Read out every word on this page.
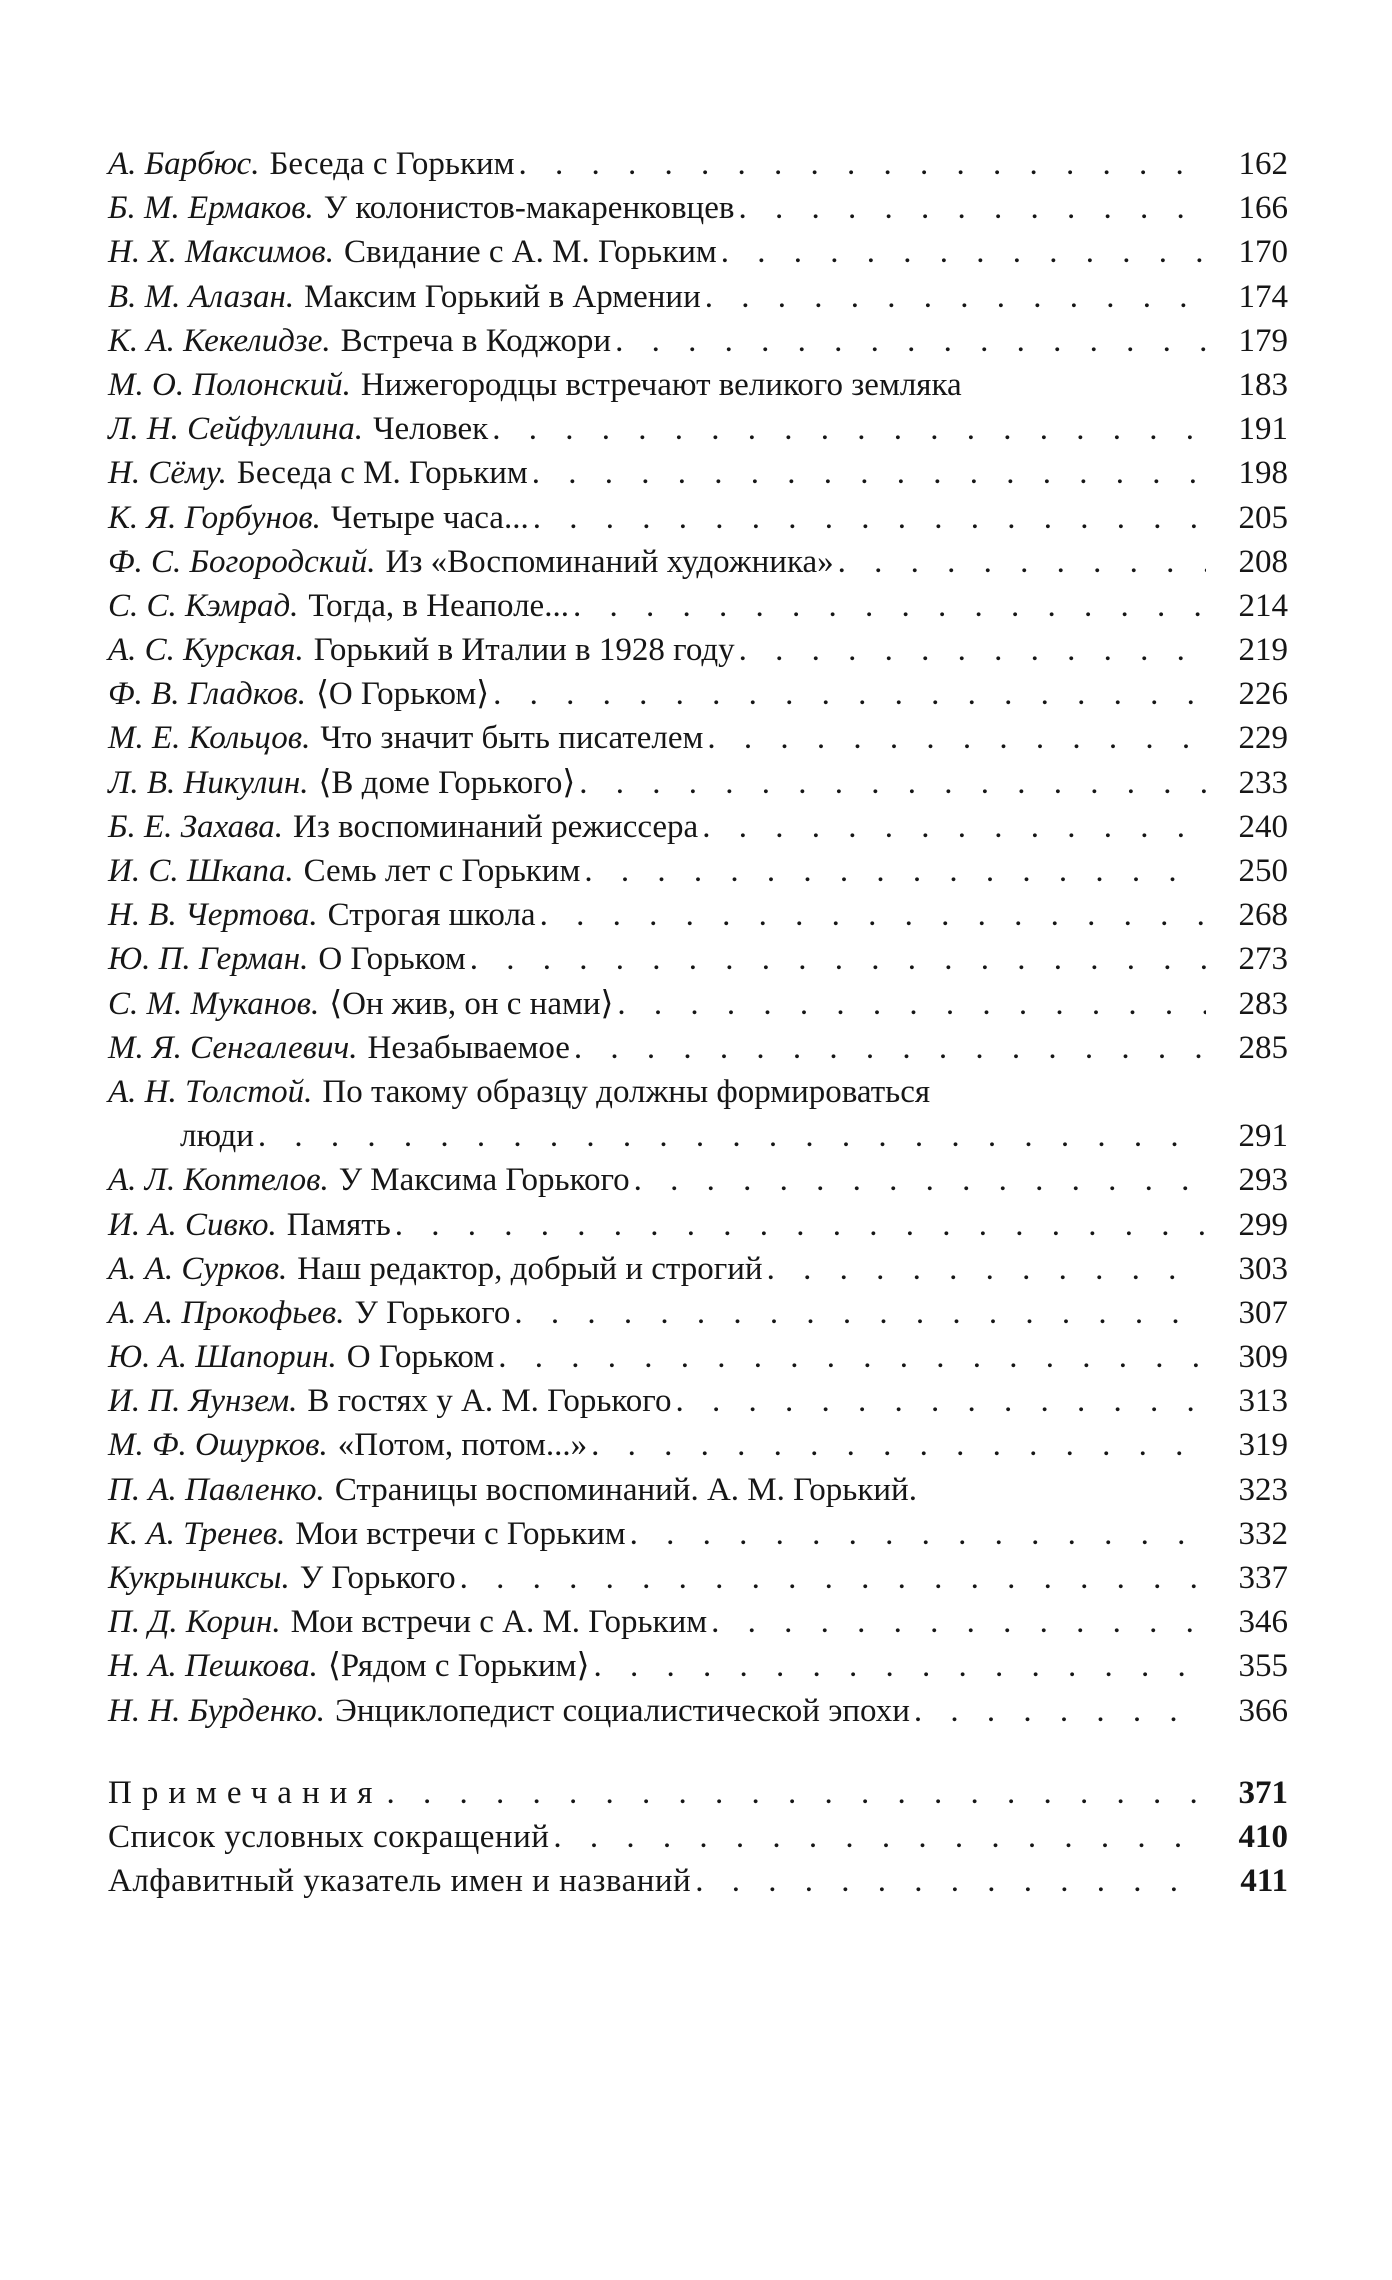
А. Барбюс. Беседа с Горьким . . .	162
Б. М. Ермаков. У колонистов-макаренковцев . . .	166
Н. Х. Максимов. Свидание с А. М. Горьким . . .	170
В. М. Алазан. Максим Горький в Армении . . .	174
К. А. Кекелидзе. Встреча в Коджори . . .	179
М. О. Полонский. Нижегородцы встречают великого земляка	183
Л. Н. Сейфуллина. Человек . . .	191
Н. Сёму. Беседа с М. Горьким . . .	198
К. Я. Горбунов. Четыре часа... . . .	205
Ф. С. Богородский. Из «Воспоминаний художника» . . .	208
С. С. Кэмрад. Тогда, в Неаполе... . . .	214
А. С. Курская. Горький в Италии в 1928 году . . .	219
Ф. В. Гладков. ⟨О Горьком⟩ . . .	226
М. Е. Кольцов. Что значит быть писателем . . .	229
Л. В. Никулин. ⟨В доме Горького⟩ . . .	233
Б. Е. Захава. Из воспоминаний режиссера . . .	240
И. С. Шкапа. Семь лет с Горьким . . .	250
Н. В. Чертова. Строгая школа . . .	268
Ю. П. Герман. О Горьком . . .	273
С. М. Муканов. ⟨Он жив, он с нами⟩ . . .	283
М. Я. Сенгалевич. Незабываемое . . .	285
А. Н. Толстой. По такому образцу должны формироваться
люди . . .	291
А. Л. Коптелов. У Максима Горького . . .	293
И. А. Сивко. Память . . .	299
А. А. Сурков. Наш редактор, добрый и строгий . . .	303
А. А. Прокофьев. У Горького . . .	307
Ю. А. Шапорин. О Горьком . . .	309
И. П. Яунзем. В гостях у А. М. Горького . . .	313
М. Ф. Ошурков. «Потом, потом...» . . .	319
П. А. Павленко. Страницы воспоминаний. А. М. Горький.	323
К. А. Тренев. Мои встречи с Горьким . . .	332
Кукрыниксы. У Горького . . .	337
П. Д. Корин. Мои встречи с А. М. Горьким . . .	346
Н. А. Пешкова. ⟨Рядом с Горьким⟩ . . .	355
Н. Н. Бурденко. Энциклопедист социалистической эпохи . . .	366
Примечания . . .	371
Список условных сокращений . . .	410
Алфавитный указатель имен и названий . . .	411
